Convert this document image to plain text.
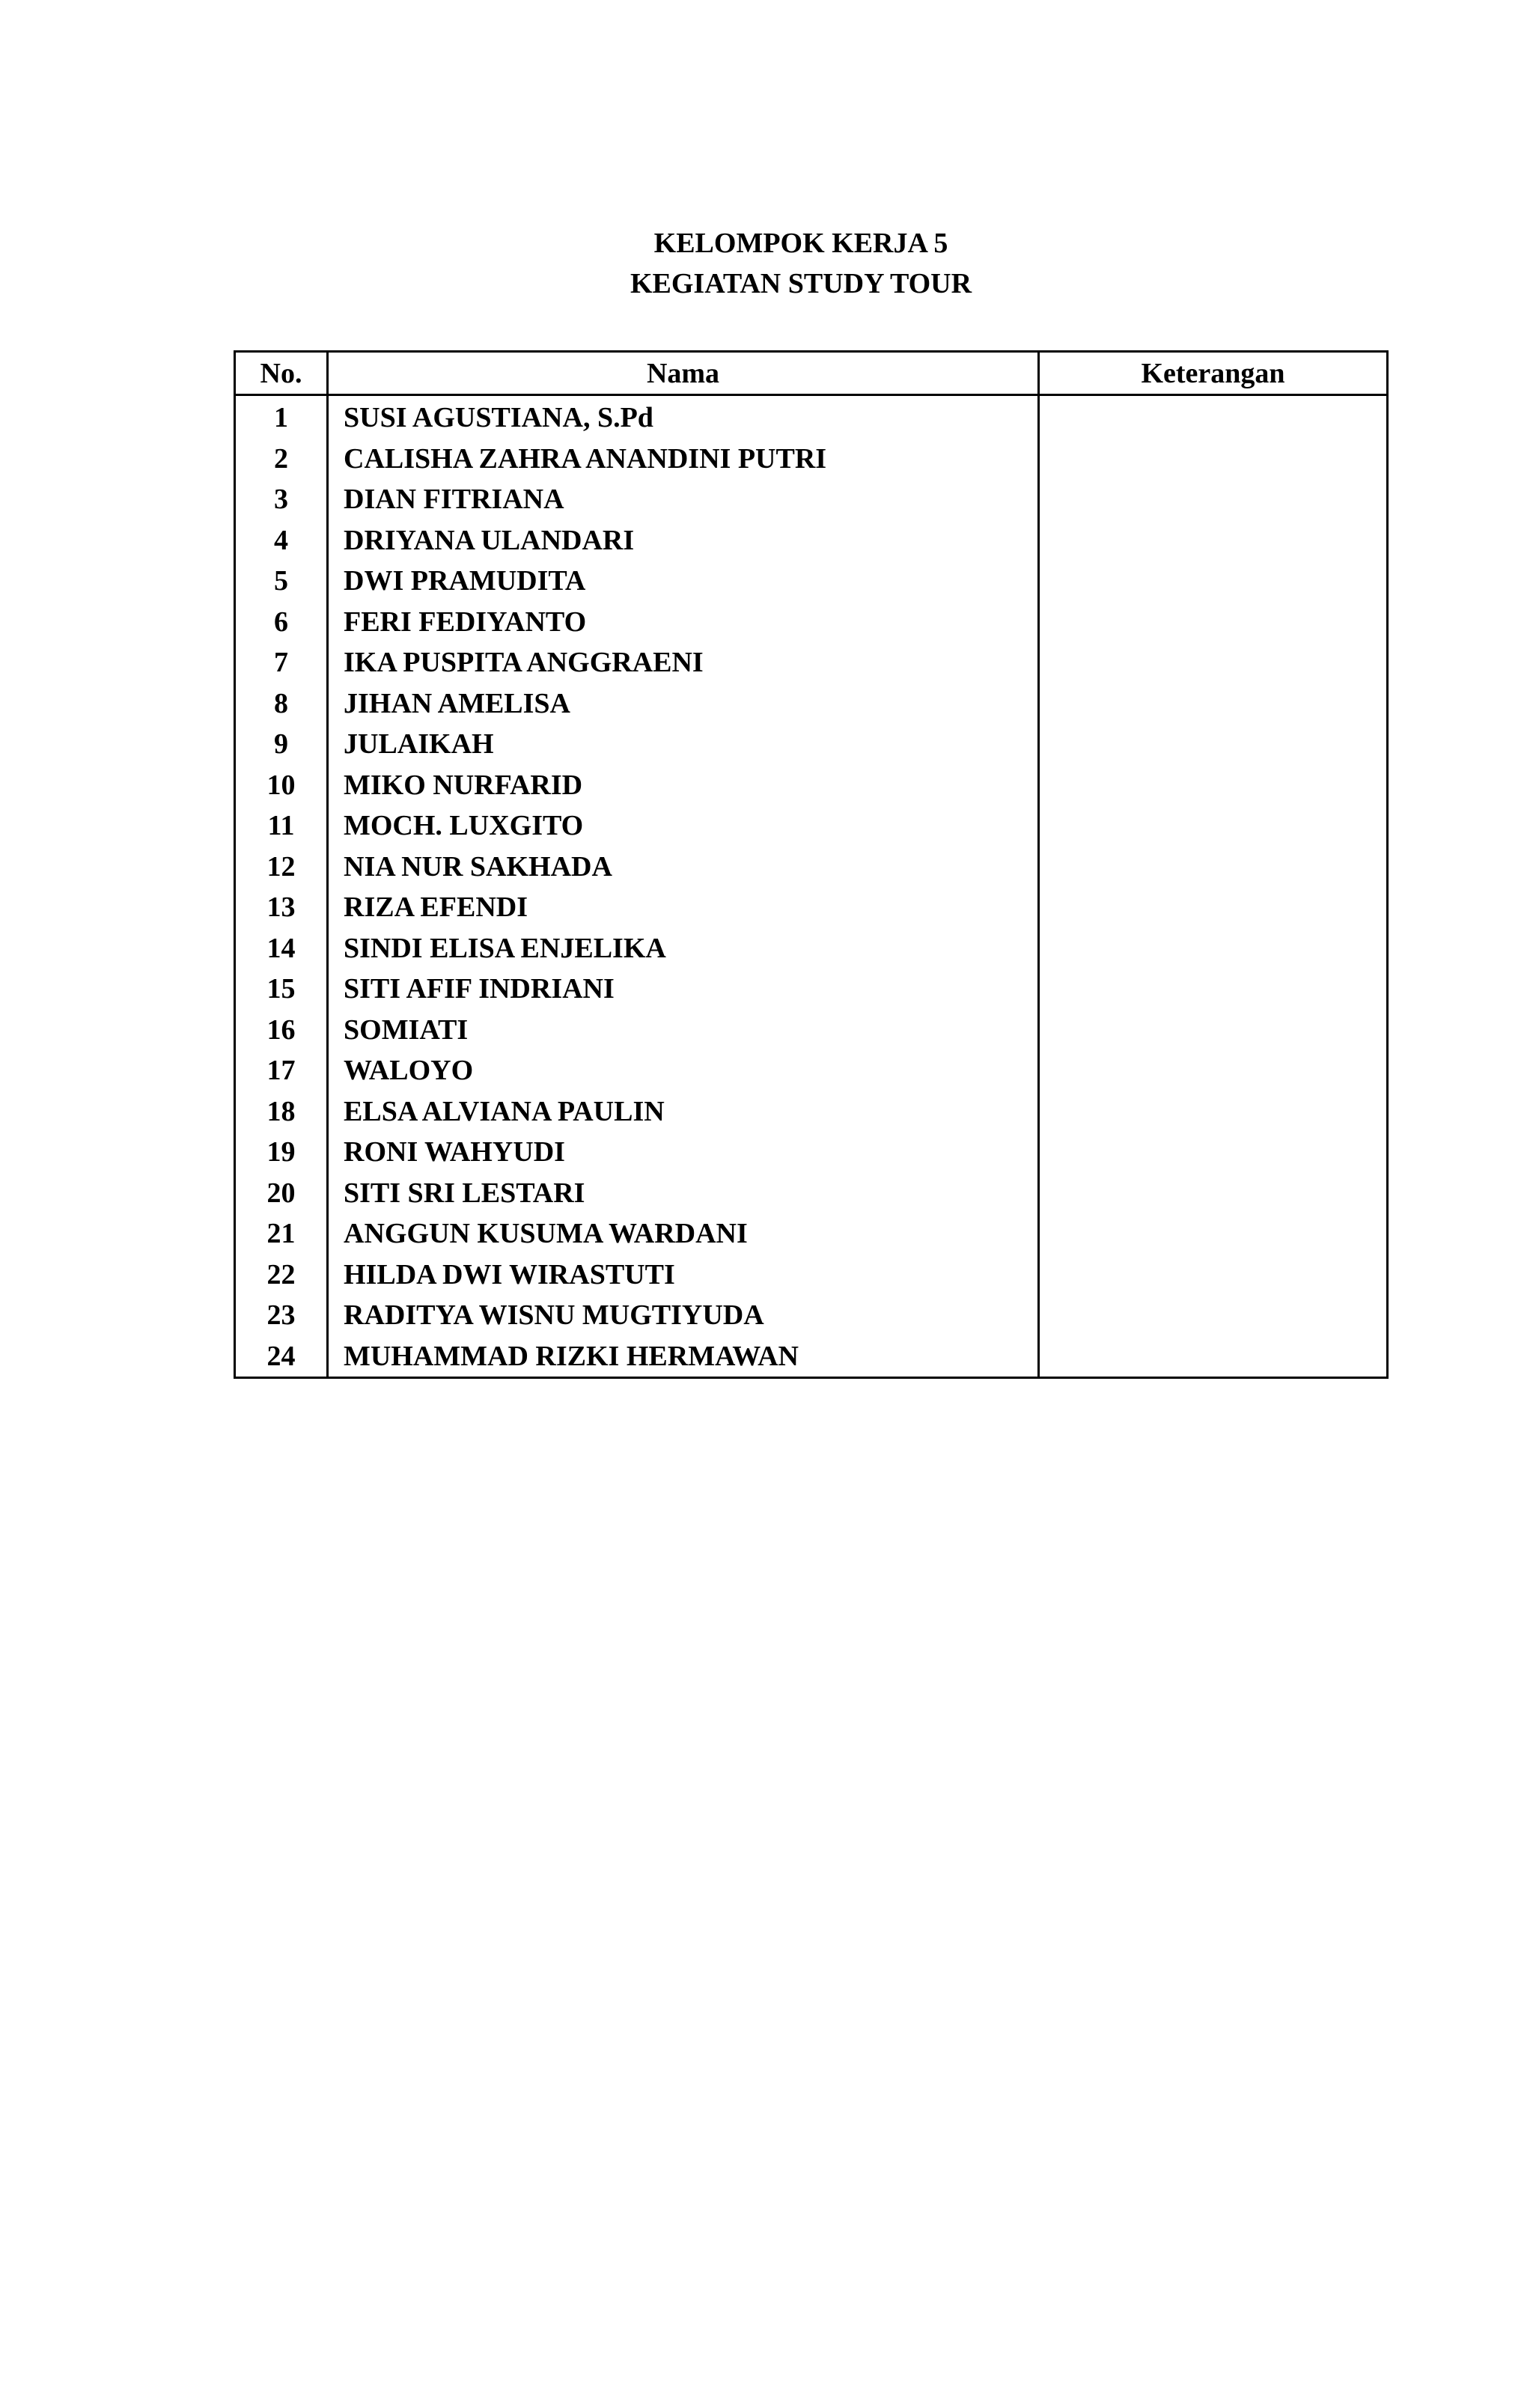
KELOMPOK KERJA 5
KEGIATAN STUDY TOUR
No.	Nama	Keterangan
1	SUSI AGUSTIANA, S.Pd	
2	CALISHA ZAHRA ANANDINI PUTRI	
3	DIAN FITRIANA	
4	DRIYANA ULANDARI	
5	DWI PRAMUDITA	
6	FERI FEDIYANTO	
7	IKA PUSPITA ANGGRAENI	
8	JIHAN AMELISA	
9	JULAIKAH	
10	MIKO NURFARID	
11	MOCH. LUXGITO	
12	NIA NUR SAKHADA	
13	RIZA EFENDI	
14	SINDI ELISA ENJELIKA	
15	SITI AFIF INDRIANI	
16	SOMIATI	
17	WALOYO	
18	ELSA ALVIANA PAULIN	
19	RONI WAHYUDI	
20	SITI SRI LESTARI	
21	ANGGUN KUSUMA WARDANI	
22	HILDA DWI WIRASTUTI	
23	RADITYA WISNU MUGTIYUDA	
24	MUHAMMAD RIZKI HERMAWAN	
